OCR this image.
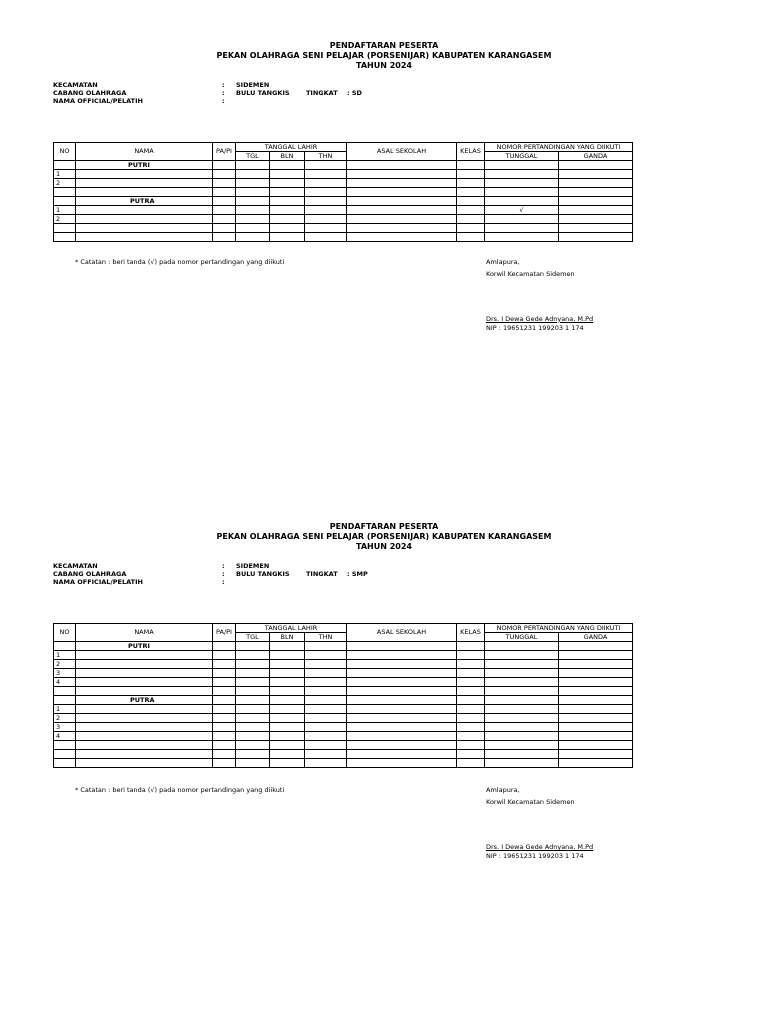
PENDAFTARAN PESERTA
PEKAN OLAHRAGA SENI PELAJAR (PORSENIJAR) KABUPATEN KARANGASEM
TAHUN 2024
KECAMATAN	: SIDEMEN
CABANG OLAHRAGA	: BULU TANGKIS	TINGKAT : SD
NAMA OFFICIAL/PELATIH	:
NO	NAMA	PA/PI	TANGGAL LAHIR			ASAL SEKOLAH	KELAS	NOMOR PERTANDINGAN YANG DIIKUTI	
			TGL	BLN	THN			TUNGGAL	GANDA
	PUTRI								
1									
2									

	PUTRA								
1								√	
2									

* Catatan : beri tanda (√) pada nomor pertandingan yang diikuti	Amlapura,
Korwil Kecamatan Sidemen
Drs. I Dewa Gede Adnyana, M.Pd
NIP : 19651231 199203 1 174
PENDAFTARAN PESERTA
PEKAN OLAHRAGA SENI PELAJAR (PORSENIJAR) KABUPATEN KARANGASEM
TAHUN 2024
KECAMATAN	: SIDEMEN
CABANG OLAHRAGA	: BULU TANGKIS	TINGKAT : SMP
NAMA OFFICIAL/PELATIH	:
NO	NAMA	PA/PI	TANGGAL LAHIR			ASAL SEKOLAH	KELAS	NOMOR PERTANDINGAN YANG DIIKUTI	
			TGL	BLN	THN			TUNGGAL	GANDA
	PUTRI								
1									
2									
3									
4									

	PUTRA								
1									
2									
3									
4									

* Catatan : beri tanda (√) pada nomor pertandingan yang diikuti	Amlapura,
Korwil Kecamatan Sidemen
Drs. I Dewa Gede Adnyana, M.Pd
NIP : 19651231 199203 1 174
